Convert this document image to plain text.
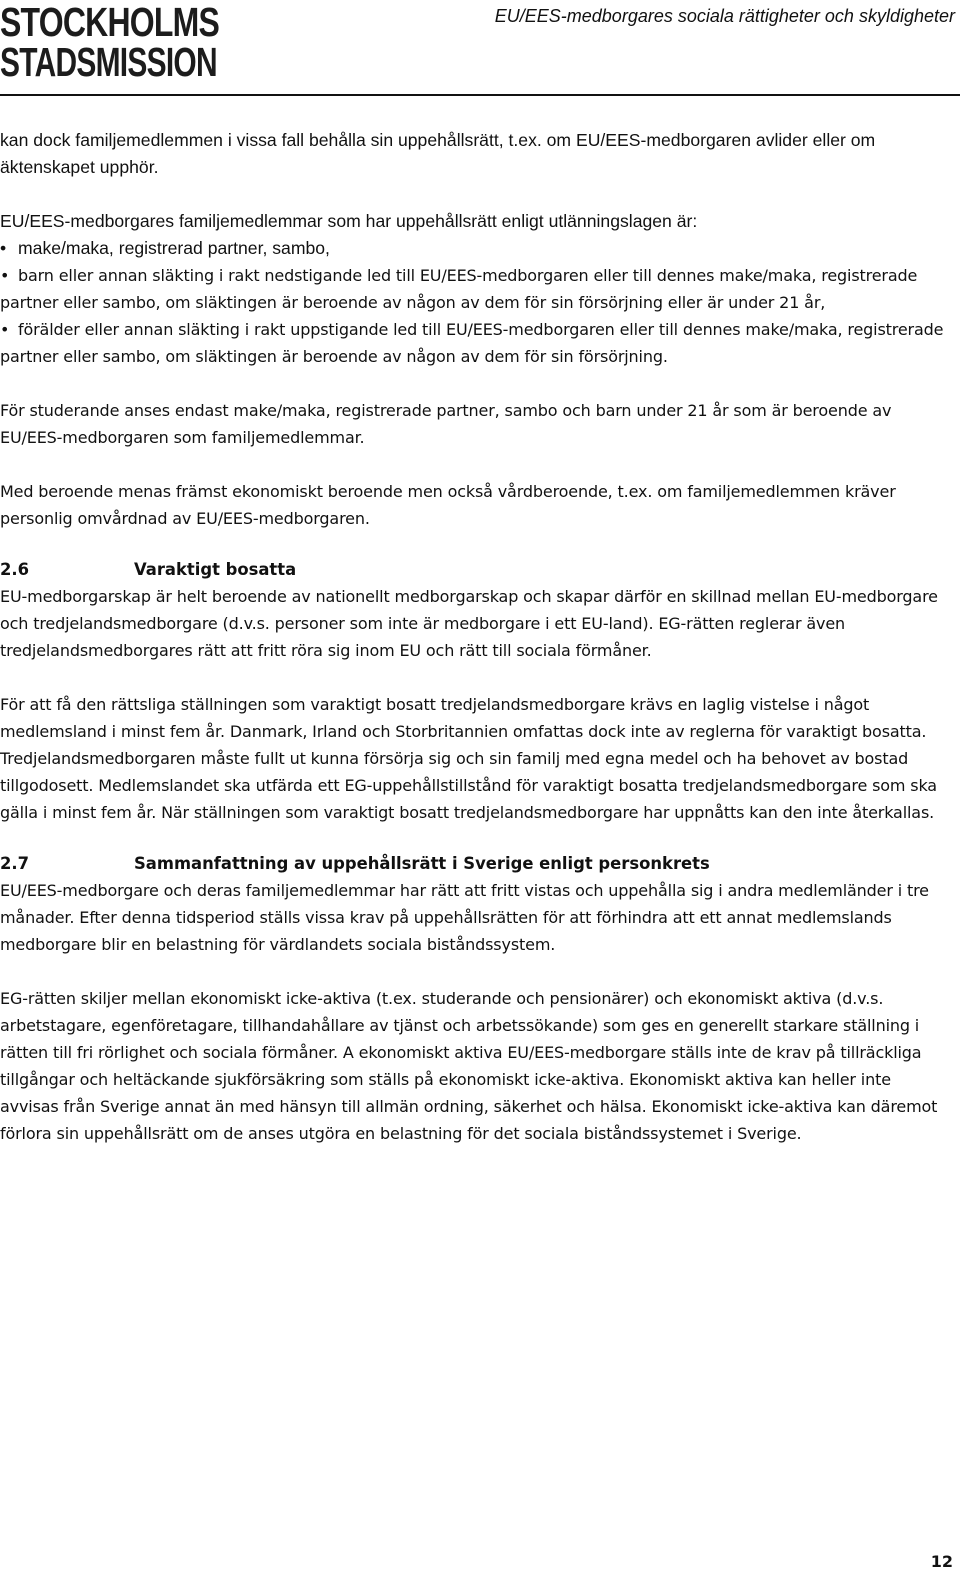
STOCKHOLMS
STADSMISSION
EU/EES-medborgares sociala rättigheter och skyldigheter

kan dock familjemedlemmen i vissa fall behålla sin uppehållsrätt, t.ex. om EU/EES-medborgaren avlider eller om äktenskapet upphör.

EU/EES-medborgares familjemedlemmar som har uppehållsrätt enligt utlänningslagen är:

• make/maka, registrerad partner, sambo,
• barn eller annan släkting i rakt nedstigande led till EU/EES-medborgaren eller till dennes make/maka, registrerade partner eller sambo, om släktingen är beroende av någon av dem för sin försörjning eller är under 21 år,
• förälder eller annan släkting i rakt uppstigande led till EU/EES-medborgaren eller till dennes make/maka, registrerade partner eller sambo, om släktingen är beroende av någon av dem för sin försörjning.

För studerande anses endast make/maka, registrerade partner, sambo och barn under 21 år som är beroende av EU/EES-medborgaren som familjemedlemmar.

Med beroende menas främst ekonomiskt beroende men också vårdberoende, t.ex. om familjemedlemmen kräver personlig omvårdnad av EU/EES-medborgaren.

2.6	Varaktigt bosatta

EU-medborgarskap är helt beroende av nationellt medborgarskap och skapar därför en skillnad mellan EU-medborgare och tredjelandsmedborgare (d.v.s. personer som inte är medborgare i ett EU-land). EG-rätten reglerar även tredjelandsmedborgares rätt att fritt röra sig inom EU och rätt till sociala förmåner.

För att få den rättsliga ställningen som varaktigt bosatt tredjelandsmedborgare krävs en laglig vistelse i något medlemsland i minst fem år. Danmark, Irland och Storbritannien omfattas dock inte av reglerna för varaktigt bosatta. Tredjelandsmedborgaren måste fullt ut kunna försörja sig och sin familj med egna medel och ha behovet av bostad tillgodosett. Medlemslandet ska utfärda ett EG-uppehållstillstånd för varaktigt bosatta tredjelandsmedborgare som ska gälla i minst fem år. När ställningen som varaktigt bosatt tredjelandsmedborgare har uppnåtts kan den inte återkallas.

2.7	Sammanfattning av uppehållsrätt i Sverige enligt personkrets

EU/EES-medborgare och deras familjemedlemmar har rätt att fritt vistas och uppehålla sig i andra medlemländer i tre månader. Efter denna tidsperiod ställs vissa krav på uppehållsrätten för att förhindra att ett annat medlemslands medborgare blir en belastning för värdlandets sociala biståndssystem.

EG-rätten skiljer mellan ekonomiskt icke-aktiva (t.ex. studerande och pensionärer) och ekonomiskt aktiva (d.v.s. arbetstagare, egenföretagare, tillhandahållare av tjänst och arbetssökande) som ges en generellt starkare ställning i rätten till fri rörlighet och sociala förmåner. A ekonomiskt aktiva EU/EES-medborgare ställs inte de krav på tillräckliga tillgångar och heltäckande sjukförsäkring som ställs på ekonomiskt icke-aktiva. Ekonomiskt aktiva kan heller inte avvisas från Sverige annat än med hänsyn till allmän ordning, säkerhet och hälsa. Ekonomiskt icke-aktiva kan däremot förlora sin uppehållsrätt om de anses utgöra en belastning för det sociala biståndssystemet i Sverige.

12
